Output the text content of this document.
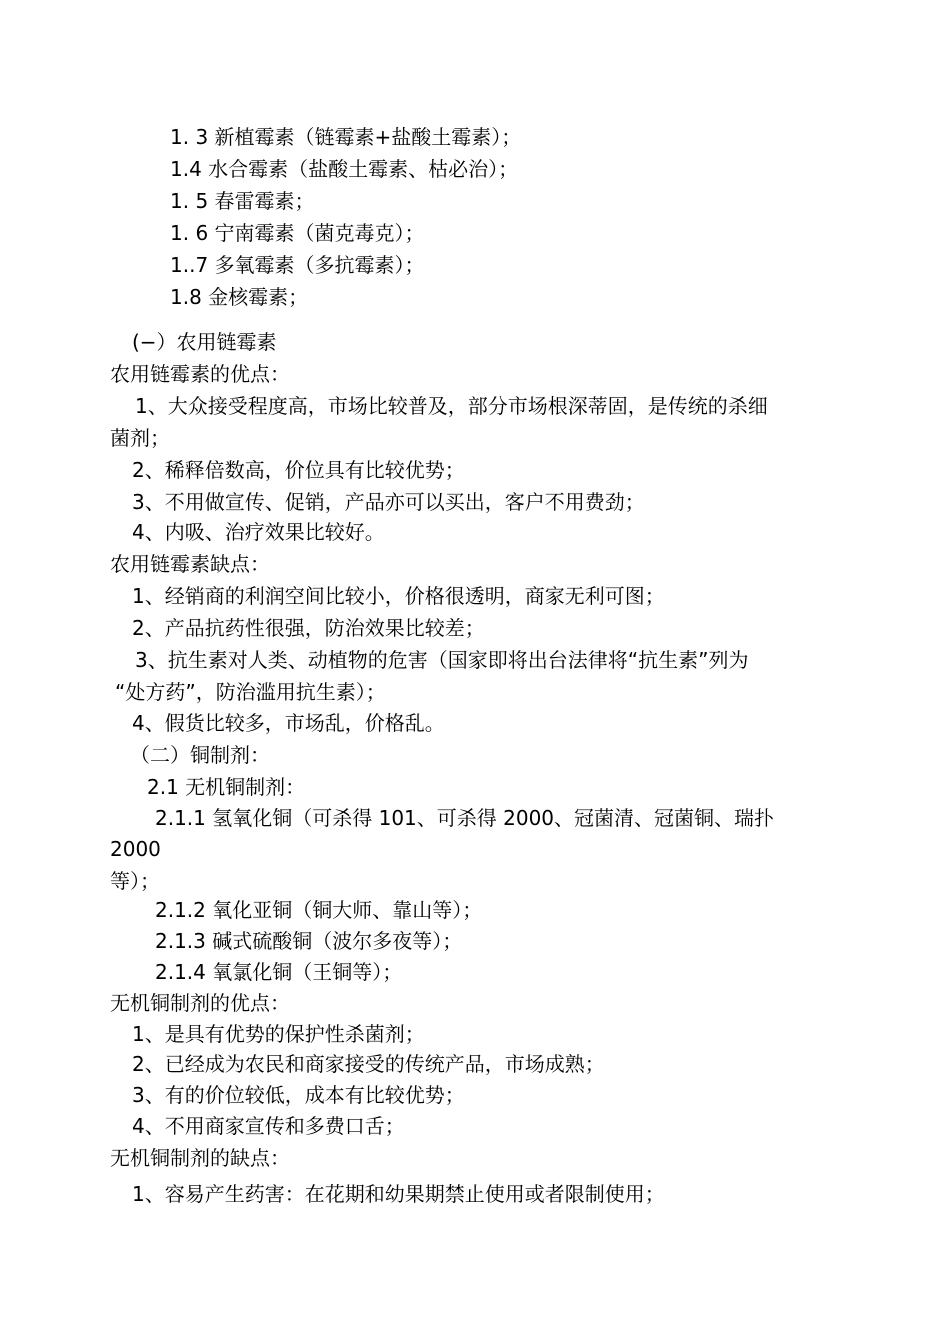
1. 3 新植霉素（链霉素+盐酸土霉素）；
1.4 水合霉素（盐酸土霉素、枯必治）；
1. 5 春雷霉素；
1. 6 宁南霉素（菌克毒克）；
1..7 多氧霉素（多抗霉素）；
1.8 金核霉素；
(−）农用链霉素
农用链霉素的优点：
1、大众接受程度高，市场比较普及，部分市场根深蒂固，是传统的杀细
菌剂；
2、稀释倍数高，价位具有比较优势；
3、不用做宣传、促销，产品亦可以买出，客户不用费劲；
4、内吸、治疗效果比较好。
农用链霉素缺点：
1、经销商的利润空间比较小，价格很透明，商家无利可图；
2、产品抗药性很强，防治效果比较差；
3、抗生素对人类、动植物的危害（国家即将出台法律将“抗生素”列为
“处方药”，防治滥用抗生素）；
4、假货比较多，市场乱，价格乱。
（二）铜制剂：
2.1 无机铜制剂：
2.1.1 氢氧化铜（可杀得 101、可杀得 2000、冠菌清、冠菌铜、瑞扑
2000
等）；
2.1.2 氧化亚铜（铜大师、靠山等）；
2.1.3 碱式硫酸铜（波尔多夜等）；
2.1.4 氧氯化铜（王铜等）；
无机铜制剂的优点：
1、是具有优势的保护性杀菌剂；
2、已经成为农民和商家接受的传统产品，市场成熟；
3、有的价位较低，成本有比较优势；
4、不用商家宣传和多费口舌；
无机铜制剂的缺点：
1、容易产生药害：在花期和幼果期禁止使用或者限制使用；
